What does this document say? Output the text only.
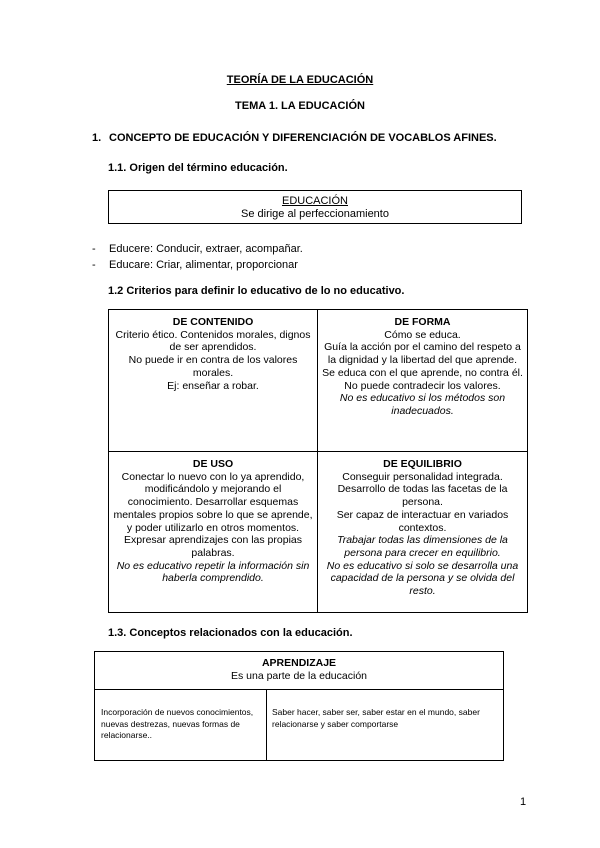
TEORÍA DE LA EDUCACIÓN
TEMA 1. LA EDUCACIÓN
1. CONCEPTO DE EDUCACIÓN Y DIFERENCIACIÓN DE VOCABLOS AFINES.
1.1. Origen del término educación.
EDUCACIÓN
Se dirige al perfeccionamiento
-	Educere: Conducir, extraer, acompañar.
-	Educare: Criar, alimentar, proporcionar
1.2 Criterios para definir lo educativo de lo no educativo.
DE CONTENIDO
Criterio ético. Contenidos morales, dignos de ser aprendidos.
No puede ir en contra de los valores morales.
Ej: enseñar a robar.
DE FORMA
Cómo se educa.
Guía la acción por el camino del respeto a la dignidad y la libertad del que aprende.
Se educa con el que aprende, no contra él.
No puede contradecir los valores.
No es educativo si los métodos son inadecuados.
DE USO
Conectar lo nuevo con lo ya aprendido, modificándolo y mejorando el conocimiento. Desarrollar esquemas mentales propios sobre lo que se aprende, y poder utilizarlo en otros momentos.
Expresar aprendizajes con las propias palabras.
No es educativo repetir la información sin haberla comprendido.
DE EQUILIBRIO
Conseguir personalidad integrada.
Desarrollo de todas las facetas de la persona.
Ser capaz de interactuar en variados contextos.
Trabajar todas las dimensiones de la persona para crecer en equilibrio.
No es educativo si solo se desarrolla una capacidad de la persona y se olvida del resto.
1.3. Conceptos relacionados con la educación.
APRENDIZAJE
Es una parte de la educación
Incorporación de nuevos conocimientos, nuevas destrezas, nuevas formas de relacionarse..
Saber hacer, saber ser, saber estar en el mundo, saber relacionarse y saber comportarse
1
